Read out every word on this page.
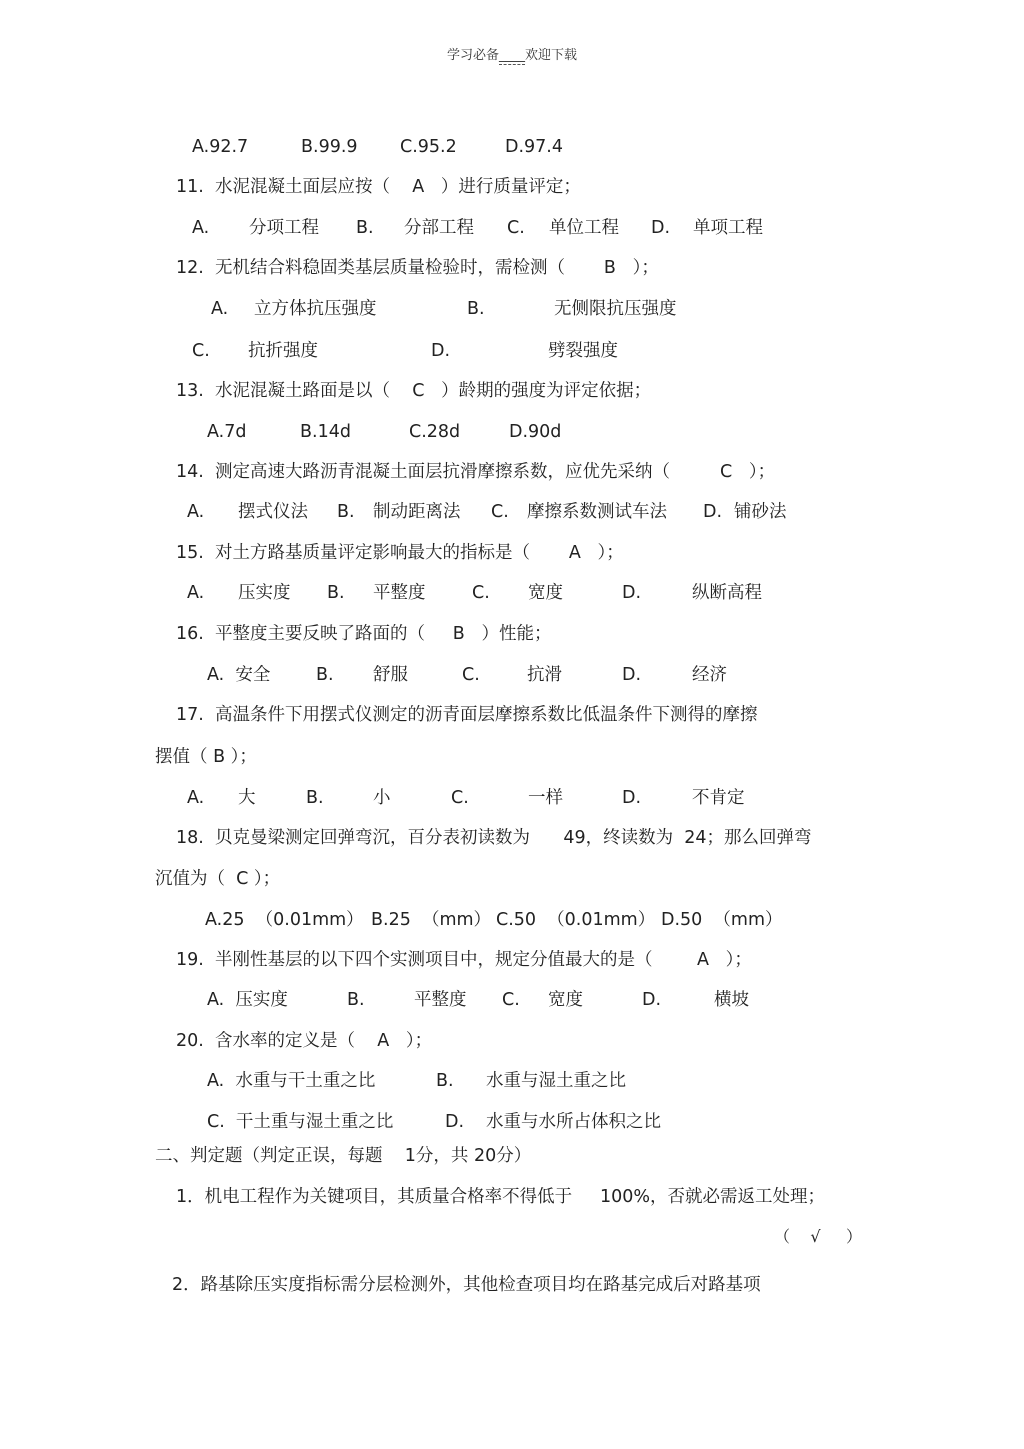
学习必备____欢迎下载
A.92.7	B.99.9 C.95.2	D.97.4
11.  水泥混凝土面层应按（    A   ）进行质量评定；
A. 分项工程 B. 分部工程 C. 单位工程 D. 单项工程
12.  无机结合料稳固类基层质量检验时，需检测（       B   ）；
A. 立方体抗压强度	B.	无侧限抗压强度
C. 抗折强度	D.	劈裂强度
13.  水泥混凝土路面是以（    C   ）龄期的强度为评定依据；
A.7d	B.14d	C.28d	D.90d
14.  测定高速大路沥青混凝土面层抗滑摩擦系数，应优先采纳（         C   ）；
A. 摆式仪法 B. 制动距离法 C. 摩擦系数测试车法 D. 铺砂法
15.  对土方路基质量评定影响最大的指标是（       A   ）；
A. 压实度 B. 平整度	C. 宽度	D.	纵断高程
16.  平整度主要反映了路面的（     B   ）性能；
A.  安全	B. 舒服	C.	抗滑	D.	经济
17.  高温条件下用摆式仪测定的沥青面层摩擦系数比低温条件下测得的摩擦
摆值（ B ）；
A. 大	B.	小	C.	一样	D.	不肯定
18.  贝克曼梁测定回弹弯沉，百分表初读数为      49，终读数为  24；那么回弹弯
沉值为（  C ）；
A.25  （0.01mm） B.25  （mm） C.50  （0.01mm） D.50  （mm）
19.  半刚性基层的以下四个实测项目中，规定分值最大的是（        A   ）；
A.  压实度	B.	平整度 C. 宽度	D.	横坡
20.  含水率的定义是（    A   ）；
A.  水重与干土重之比	B. 水重与湿土重之比
C.  干土重与湿土重之比	D. 水重与水所占体积之比
二、判定题（判定正误，每题    1分，共 20分）
1．机电工程作为关键项目，其质量合格率不得低于     100%，否就必需返工处理；
（    √     ）
2．路基除压实度指标需分层检测外，其他检查项目均在路基完成后对路基项
